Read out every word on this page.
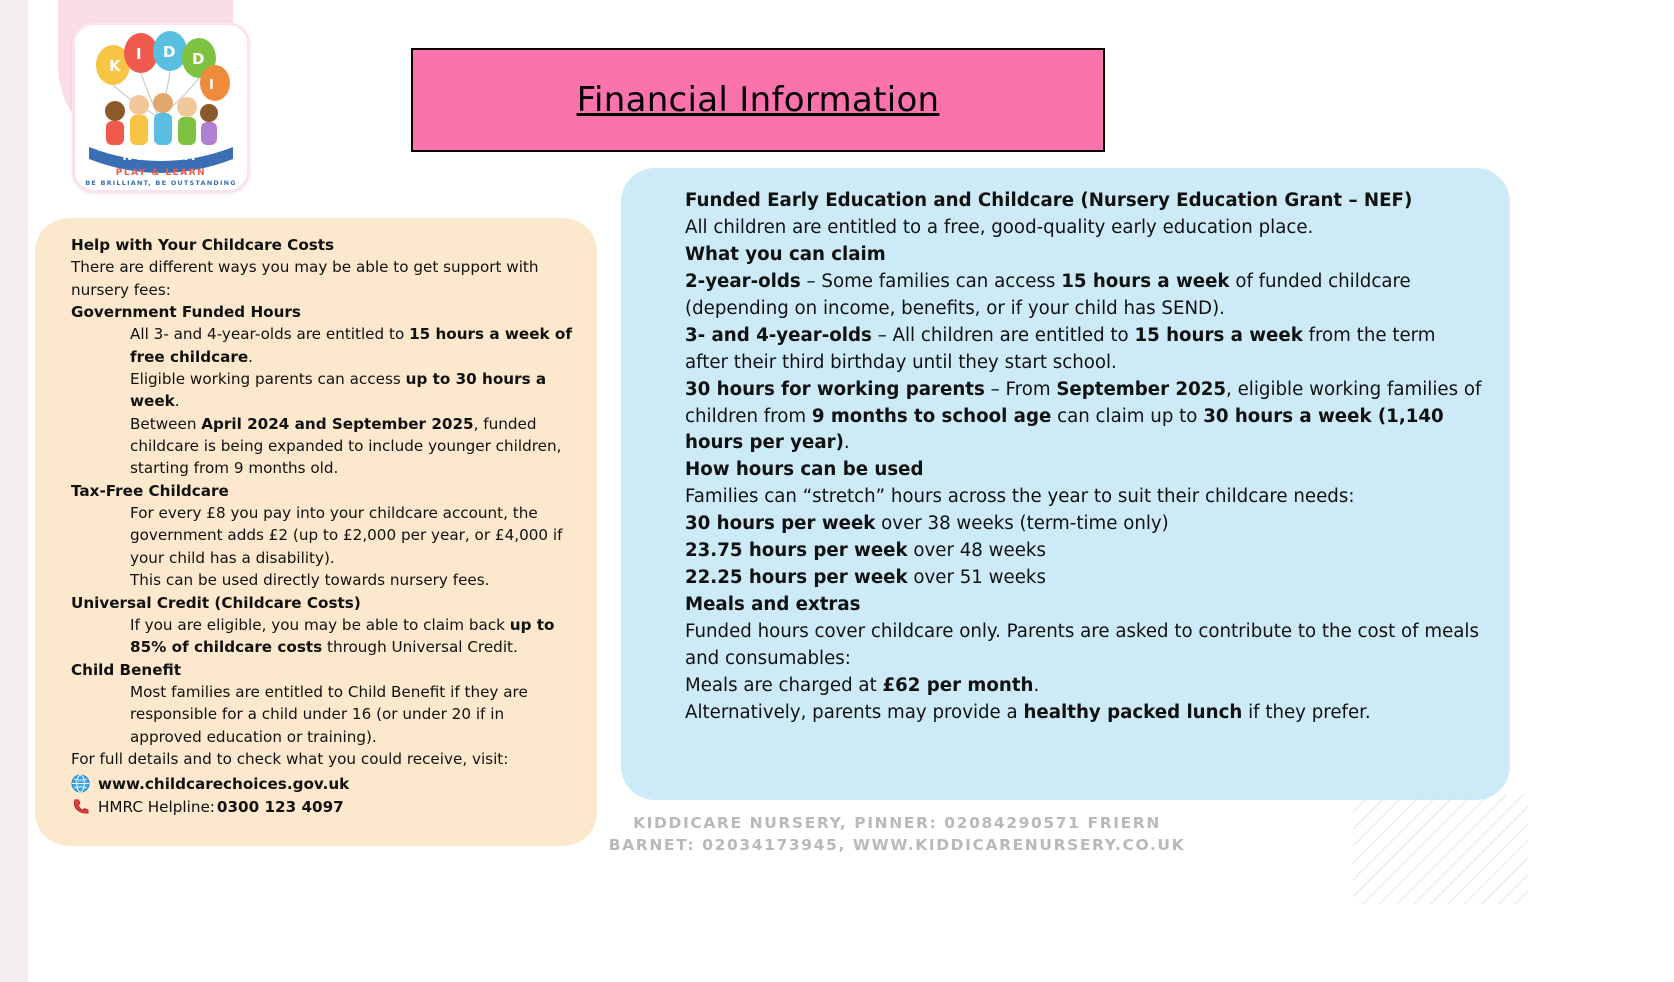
K
I D D
I
NURSERY
PLAY & LEARN
BE BRILLIANT, BE OUTSTANDING
Financial Information
Help with Your Childcare Costs
There are different ways you may be able to get support with nursery fees:
Government Funded Hours
All 3- and 4-year-olds are entitled to 15 hours a week of free childcare.
Eligible working parents can access up to 30 hours a week.
Between April 2024 and September 2025, funded childcare is being expanded to include younger children, starting from 9 months old.
Tax-Free Childcare
For every £8 you pay into your childcare account, the government adds £2 (up to £2,000 per year, or £4,000 if your child has a disability).
This can be used directly towards nursery fees.
Universal Credit (Childcare Costs)
If you are eligible, you may be able to claim back up to 85% of childcare costs through Universal Credit.
Child Benefit
Most families are entitled to Child Benefit if they are responsible for a child under 16 (or under 20 if in approved education or training).
For full details and to check what you could receive, visit:
www.childcarechoices.gov.uk
HMRC Helpline: 0300 123 4097
Funded Early Education and Childcare (Nursery Education Grant – NEF)
All children are entitled to a free, good-quality early education place.
What you can claim
2-year-olds – Some families can access 15 hours a week of funded childcare (depending on income, benefits, or if your child has SEND).
3- and 4-year-olds – All children are entitled to 15 hours a week from the term after their third birthday until they start school.
30 hours for working parents – From September 2025, eligible working families of children from 9 months to school age can claim up to 30 hours a week (1,140 hours per year).
How hours can be used
Families can “stretch” hours across the year to suit their childcare needs:
30 hours per week over 38 weeks (term-time only)
23.75 hours per week over 48 weeks
22.25 hours per week over 51 weeks
Meals and extras
Funded hours cover childcare only. Parents are asked to contribute to the cost of meals and consumables:
Meals are charged at £62 per month.
Alternatively, parents may provide a healthy packed lunch if they prefer.
KIDDICARE NURSERY, PINNER: 02084290571 FRIERN
BARNET: 02034173945, WWW.KIDDICARENURSERY.CO.UK
